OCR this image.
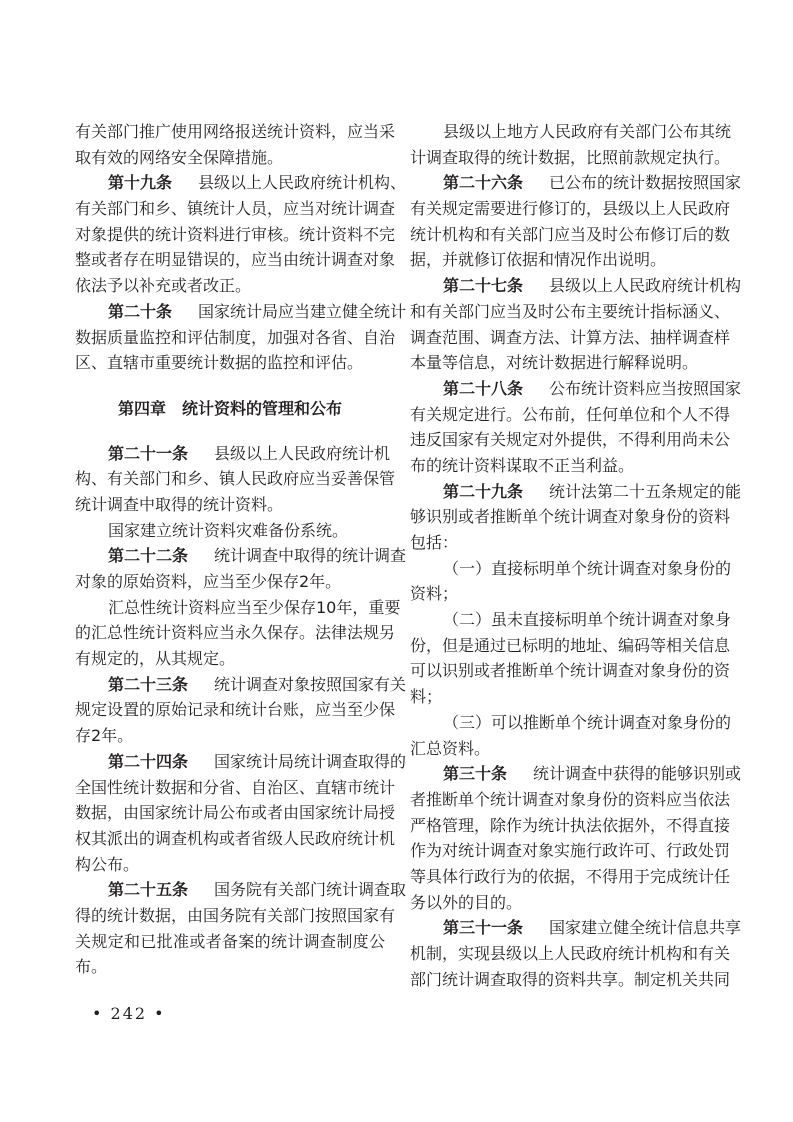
有关部门推广使用网络报送统计资料，应当采
取有效的网络安全保障措施。
第十九条 县级以上人民政府统计机构、
有关部门和乡、镇统计人员，应当对统计调查
对象提供的统计资料进行审核。统计资料不完
整或者存在明显错误的，应当由统计调查对象
依法予以补充或者改正。
第二十条 国家统计局应当建立健全统计
数据质量监控和评估制度，加强对各省、自治
区、直辖市重要统计数据的监控和评估。
第四章 统计资料的管理和公布
第二十一条 县级以上人民政府统计机
构、有关部门和乡、镇人民政府应当妥善保管
统计调查中取得的统计资料。
国家建立统计资料灾难备份系统。
第二十二条 统计调查中取得的统计调查
对象的原始资料，应当至少保存2年。
汇总性统计资料应当至少保存10年，重要
的汇总性统计资料应当永久保存。法律法规另
有规定的，从其规定。
第二十三条 统计调查对象按照国家有关
规定设置的原始记录和统计台账，应当至少保
存2年。
第二十四条 国家统计局统计调查取得的
全国性统计数据和分省、自治区、直辖市统计
数据，由国家统计局公布或者由国家统计局授
权其派出的调查机构或者省级人民政府统计机
构公布。
第二十五条 国务院有关部门统计调查取
得的统计数据，由国务院有关部门按照国家有
关规定和已批准或者备案的统计调查制度公
布。
县级以上地方人民政府有关部门公布其统
计调查取得的统计数据，比照前款规定执行。
第二十六条 已公布的统计数据按照国家
有关规定需要进行修订的，县级以上人民政府
统计机构和有关部门应当及时公布修订后的数
据，并就修订依据和情况作出说明。
第二十七条 县级以上人民政府统计机构
和有关部门应当及时公布主要统计指标涵义、
调查范围、调查方法、计算方法、抽样调查样
本量等信息，对统计数据进行解释说明。
第二十八条 公布统计资料应当按照国家
有关规定进行。公布前，任何单位和个人不得
违反国家有关规定对外提供，不得利用尚未公
布的统计资料谋取不正当利益。
第二十九条 统计法第二十五条规定的能
够识别或者推断单个统计调查对象身份的资料
包括：
（一）直接标明单个统计调查对象身份的
资料；
（二）虽未直接标明单个统计调查对象身
份，但是通过已标明的地址、编码等相关信息
可以识别或者推断单个统计调查对象身份的资
料；
（三）可以推断单个统计调查对象身份的
汇总资料。
第三十条 统计调查中获得的能够识别或
者推断单个统计调查对象身份的资料应当依法
严格管理，除作为统计执法依据外，不得直接
作为对统计调查对象实施行政许可、行政处罚
等具体行政行为的依据，不得用于完成统计任
务以外的目的。
第三十一条 国家建立健全统计信息共享
机制，实现县级以上人民政府统计机构和有关
部门统计调查取得的资料共享。制定机关共同
• 242 •
